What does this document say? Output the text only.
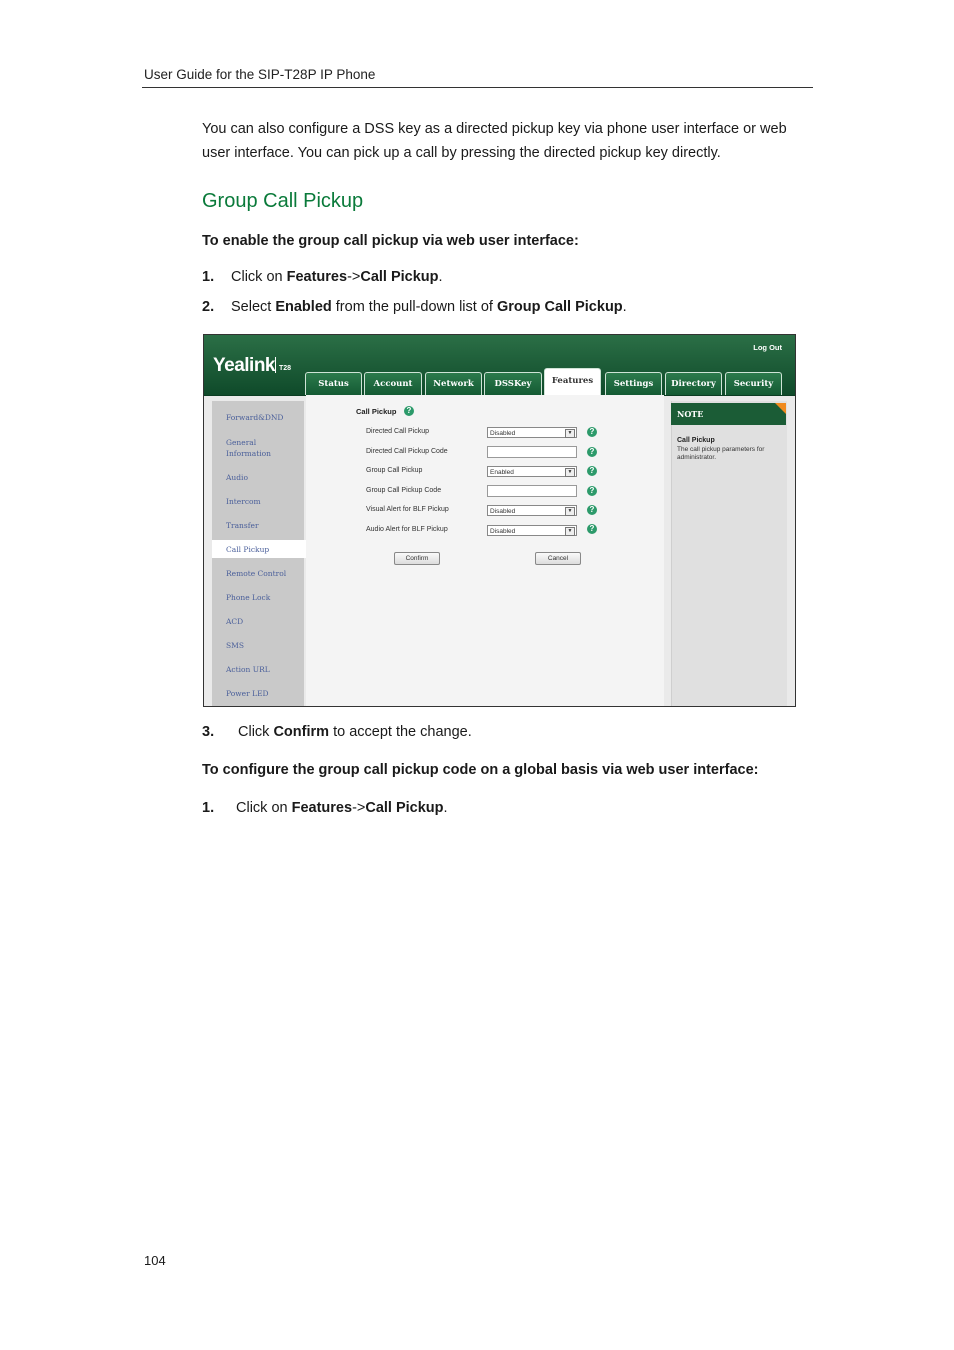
User Guide for the SIP-T28P IP Phone
You can also configure a DSS key as a directed pickup key via phone user interface or web user interface. You can pick up a call by pressing the directed pickup key directly.
Group Call Pickup
To enable the group call pickup via web user interface:
1. Click on Features->Call Pickup.
2. Select Enabled from the pull-down list of Group Call Pickup.
Yealink T28
Log Out
Status	Account	Network	DSSKey	Features	Settings	Directory	Security
Forward&DND
General Information
Audio
Intercom
Transfer
Call Pickup
Remote Control
Phone Lock
ACD
SMS
Action URL
Power LED
Call Pickup	?
Directed Call Pickup	Disabled	▼	?
Directed Call Pickup Code	?
Group Call Pickup	Enabled	▼	?
Group Call Pickup Code	?
Visual Alert for BLF Pickup	Disabled	▼	?
Audio Alert for BLF Pickup	Disabled	▼	?
Confirm	Cancel
NOTE
Call Pickup
The call pickup parameters for administrator.
3. Click Confirm to accept the change.
To configure the group call pickup code on a global basis via web user interface:
1. Click on Features->Call Pickup.
104
